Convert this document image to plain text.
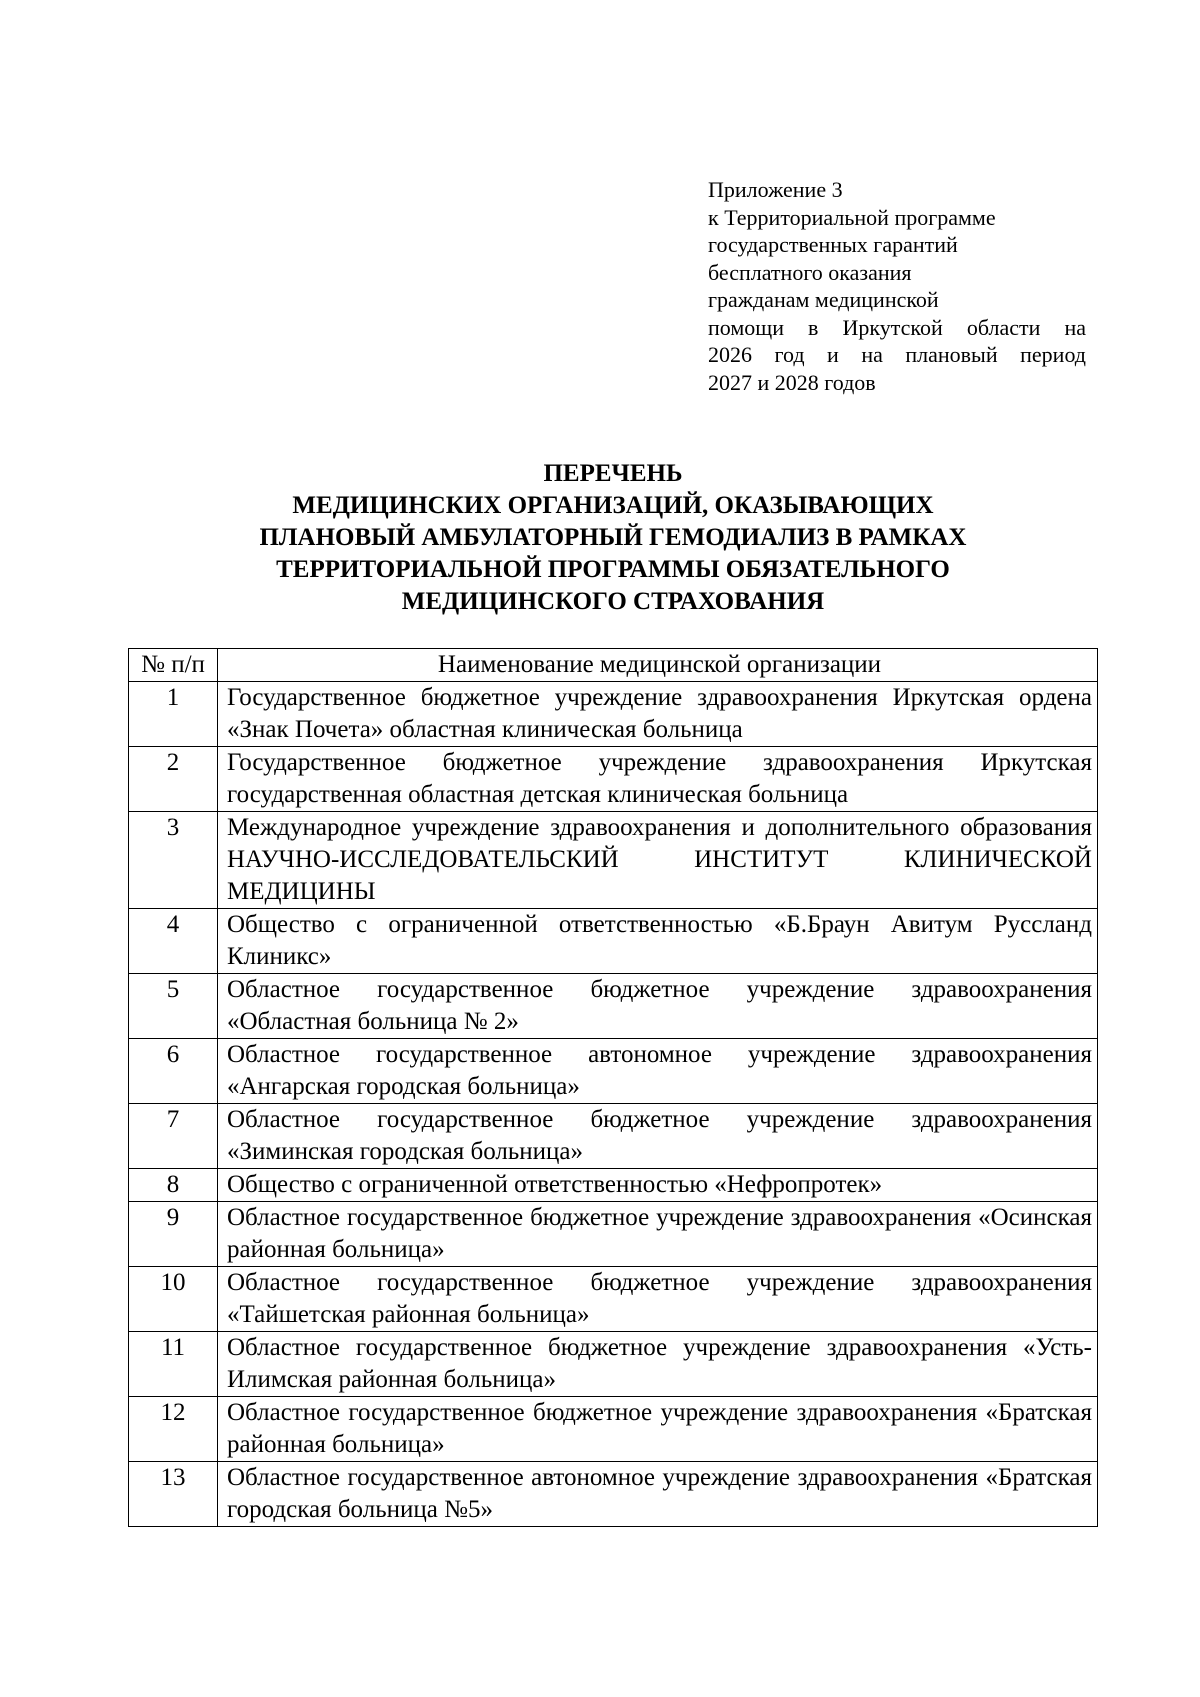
Приложение 3
к Территориальной программе
государственных гарантий
бесплатного оказания
гражданам медицинской
помощи в Иркутской области на
2026 год и на плановый период
2027 и 2028 годов
ПЕРЕЧЕНЬ
МЕДИЦИНСКИХ ОРГАНИЗАЦИЙ, ОКАЗЫВАЮЩИХ
ПЛАНОВЫЙ АМБУЛАТОРНЫЙ ГЕМОДИАЛИЗ В РАМКАХ
ТЕРРИТОРИАЛЬНОЙ ПРОГРАММЫ ОБЯЗАТЕЛЬНОГО
МЕДИЦИНСКОГО СТРАХОВАНИЯ
№ п/п	Наименование медицинской организации
1	Государственное бюджетное учреждение здравоохранения Иркутская ордена «Знак Почета» областная клиническая больница
2	Государственное бюджетное учреждение здравоохранения Иркутская государственная областная детская клиническая больница
3	Международное учреждение здравоохранения и дополнительного образования НАУЧНО-ИССЛЕДОВАТЕЛЬСКИЙ ИНСТИТУТ КЛИНИЧЕСКОЙ МЕДИЦИНЫ
4	Общество с ограниченной ответственностью «Б.Браун Авитум Руссланд Клиникс»
5	Областное государственное бюджетное учреждение здравоохранения «Областная больница № 2»
6	Областное государственное автономное учреждение здравоохранения «Ангарская городская больница»
7	Областное государственное бюджетное учреждение здравоохранения «Зиминская городская больница»
8	Общество с ограниченной ответственностью «Нефропротек»
9	Областное государственное бюджетное учреждение здравоохранения «Осинская районная больница»
10	Областное государственное бюджетное учреждение здравоохранения «Тайшетская районная больница»
11	Областное государственное бюджетное учреждение здравоохранения «Усть-Илимская районная больница»
12	Областное государственное бюджетное учреждение здравоохранения «Братская районная больница»
13	Областное государственное автономное учреждение здравоохранения «Братская городская больница №5»
